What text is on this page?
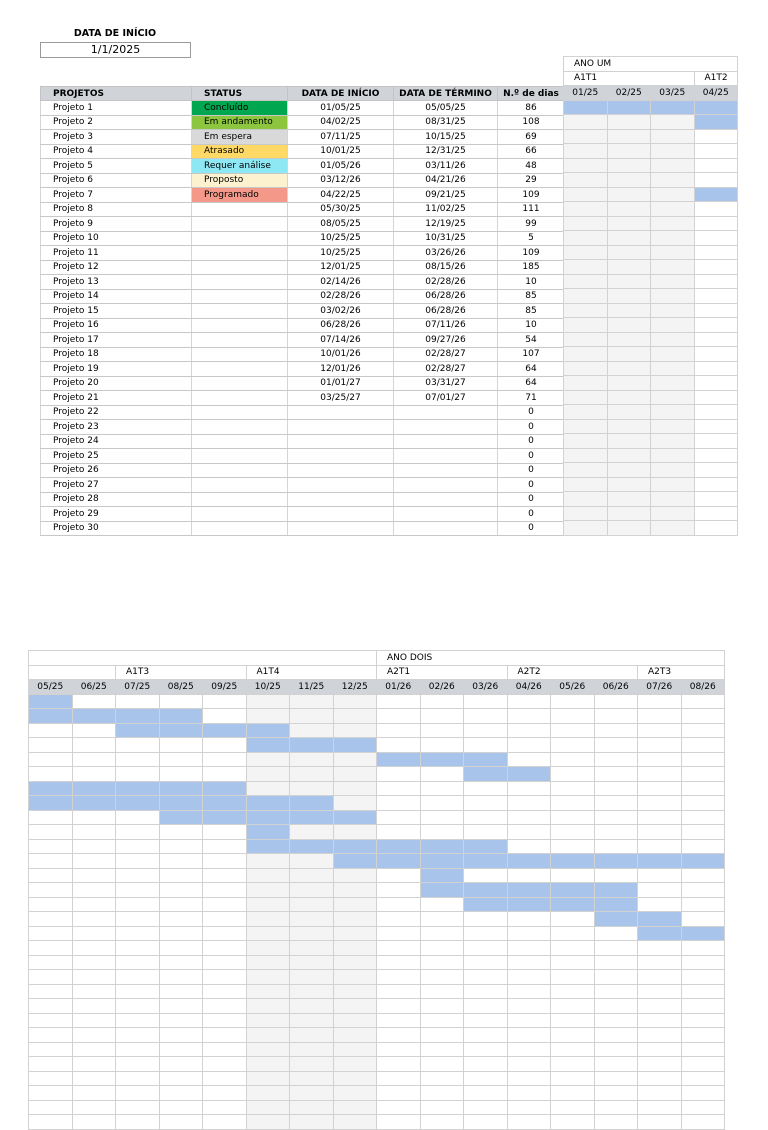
DATA DE INÍCIO
1/1/2025
PROJETOS	STATUS	DATA DE INÍCIO	DATA DE TÉRMINO	N.º de dias
Projeto 1	Concluído	01/05/25	05/05/25	86
Projeto 2	Em andamento	04/02/25	08/31/25	108
Projeto 3	Em espera	07/11/25	10/15/25	69
Projeto 4	Atrasado	10/01/25	12/31/25	66
Projeto 5	Requer análise	01/05/26	03/11/26	48
Projeto 6	Proposto	03/12/26	04/21/26	29
Projeto 7	Programado	04/22/25	09/21/25	109
Projeto 8		05/30/25	11/02/25	111
Projeto 9		08/05/25	12/19/25	99
Projeto 10		10/25/25	10/31/25	5
Projeto 11		10/25/25	03/26/26	109
Projeto 12		12/01/25	08/15/26	185
Projeto 13		02/14/26	02/28/26	10
Projeto 14		02/28/26	06/28/26	85
Projeto 15		03/02/26	06/28/26	85
Projeto 16		06/28/26	07/11/26	10
Projeto 17		07/14/26	09/27/26	54
Projeto 18		10/01/26	02/28/27	107
Projeto 19		12/01/26	02/28/27	64
Projeto 20		01/01/27	03/31/27	64
Projeto 21		03/25/27	07/01/27	71
Projeto 22				0
Projeto 23				0
Projeto 24				0
Projeto 25				0
Projeto 26				0
Projeto 27				0
Projeto 28				0
Projeto 29				0
Projeto 30				0
ANO UM			
A1T1			A1T2
01/25	02/25	03/25	04/25

								ANO DOIS							
		A1T3			A1T4			A2T1			A2T2			A2T3	
05/25	06/25	07/25	08/25	09/25	10/25	11/25	12/25	01/26	02/26	03/26	04/26	05/26	06/26	07/26	08/26
